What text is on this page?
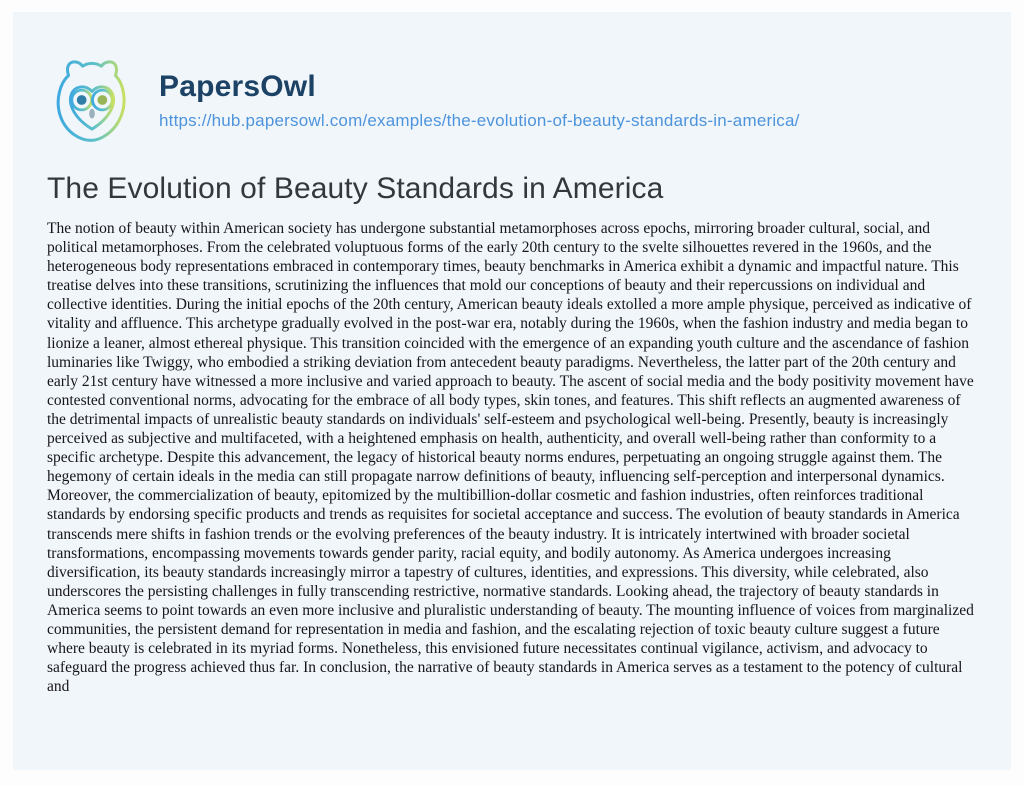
PapersOwl
https://hub.papersowl.com/examples/the-evolution-of-beauty-standards-in-america/
The Evolution of Beauty Standards in America

The notion of beauty within American society has undergone substantial metamorphoses across epochs, mirroring broader cultural, social, and political metamorphoses. From the celebrated voluptuous forms of the early 20th century to the svelte silhouettes revered in the 1960s, and the heterogeneous body representations embraced in contemporary times, beauty benchmarks in America exhibit a dynamic and impactful nature. This treatise delves into these transitions, scrutinizing the influences that mold our conceptions of beauty and their repercussions on individual and collective identities. During the initial epochs of the 20th century, American beauty ideals extolled a more ample physique, perceived as indicative of vitality and affluence. This archetype gradually evolved in the post-war era, notably during the 1960s, when the fashion industry and media began to lionize a leaner, almost ethereal physique. This transition coincided with the emergence of an expanding youth culture and the ascendance of fashion luminaries like Twiggy, who embodied a striking deviation from antecedent beauty paradigms. Nevertheless, the latter part of the 20th century and early 21st century have witnessed a more inclusive and varied approach to beauty. The ascent of social media and the body positivity movement have contested conventional norms, advocating for the embrace of all body types, skin tones, and features. This shift reflects an augmented awareness of the detrimental impacts of unrealistic beauty standards on individuals' self-esteem and psychological well-being. Presently, beauty is increasingly perceived as subjective and multifaceted, with a heightened emphasis on health, authenticity, and overall well-being rather than conformity to a specific archetype. Despite this advancement, the legacy of historical beauty norms endures, perpetuating an ongoing struggle against them. The hegemony of certain ideals in the media can still propagate narrow definitions of beauty, influencing self-perception and interpersonal dynamics. Moreover, the commercialization of beauty, epitomized by the multibillion-dollar cosmetic and fashion industries, often reinforces traditional standards by endorsing specific products and trends as requisites for societal acceptance and success. The evolution of beauty standards in America transcends mere shifts in fashion trends or the evolving preferences of the beauty industry. It is intricately intertwined with broader societal transformations, encompassing movements towards gender parity, racial equity, and bodily autonomy. As America undergoes increasing diversification, its beauty standards increasingly mirror a tapestry of cultures, identities, and expressions. This diversity, while celebrated, also underscores the persisting challenges in fully transcending restrictive, normative standards. Looking ahead, the trajectory of beauty standards in America seems to point towards an even more inclusive and pluralistic understanding of beauty. The mounting influence of voices from marginalized communities, the persistent demand for representation in media and fashion, and the escalating rejection of toxic beauty culture suggest a future where beauty is celebrated in its myriad forms. Nonetheless, this envisioned future necessitates continual vigilance, activism, and advocacy to safeguard the progress achieved thus far. In conclusion, the narrative of beauty standards in America serves as a testament to the potency of cultural and
